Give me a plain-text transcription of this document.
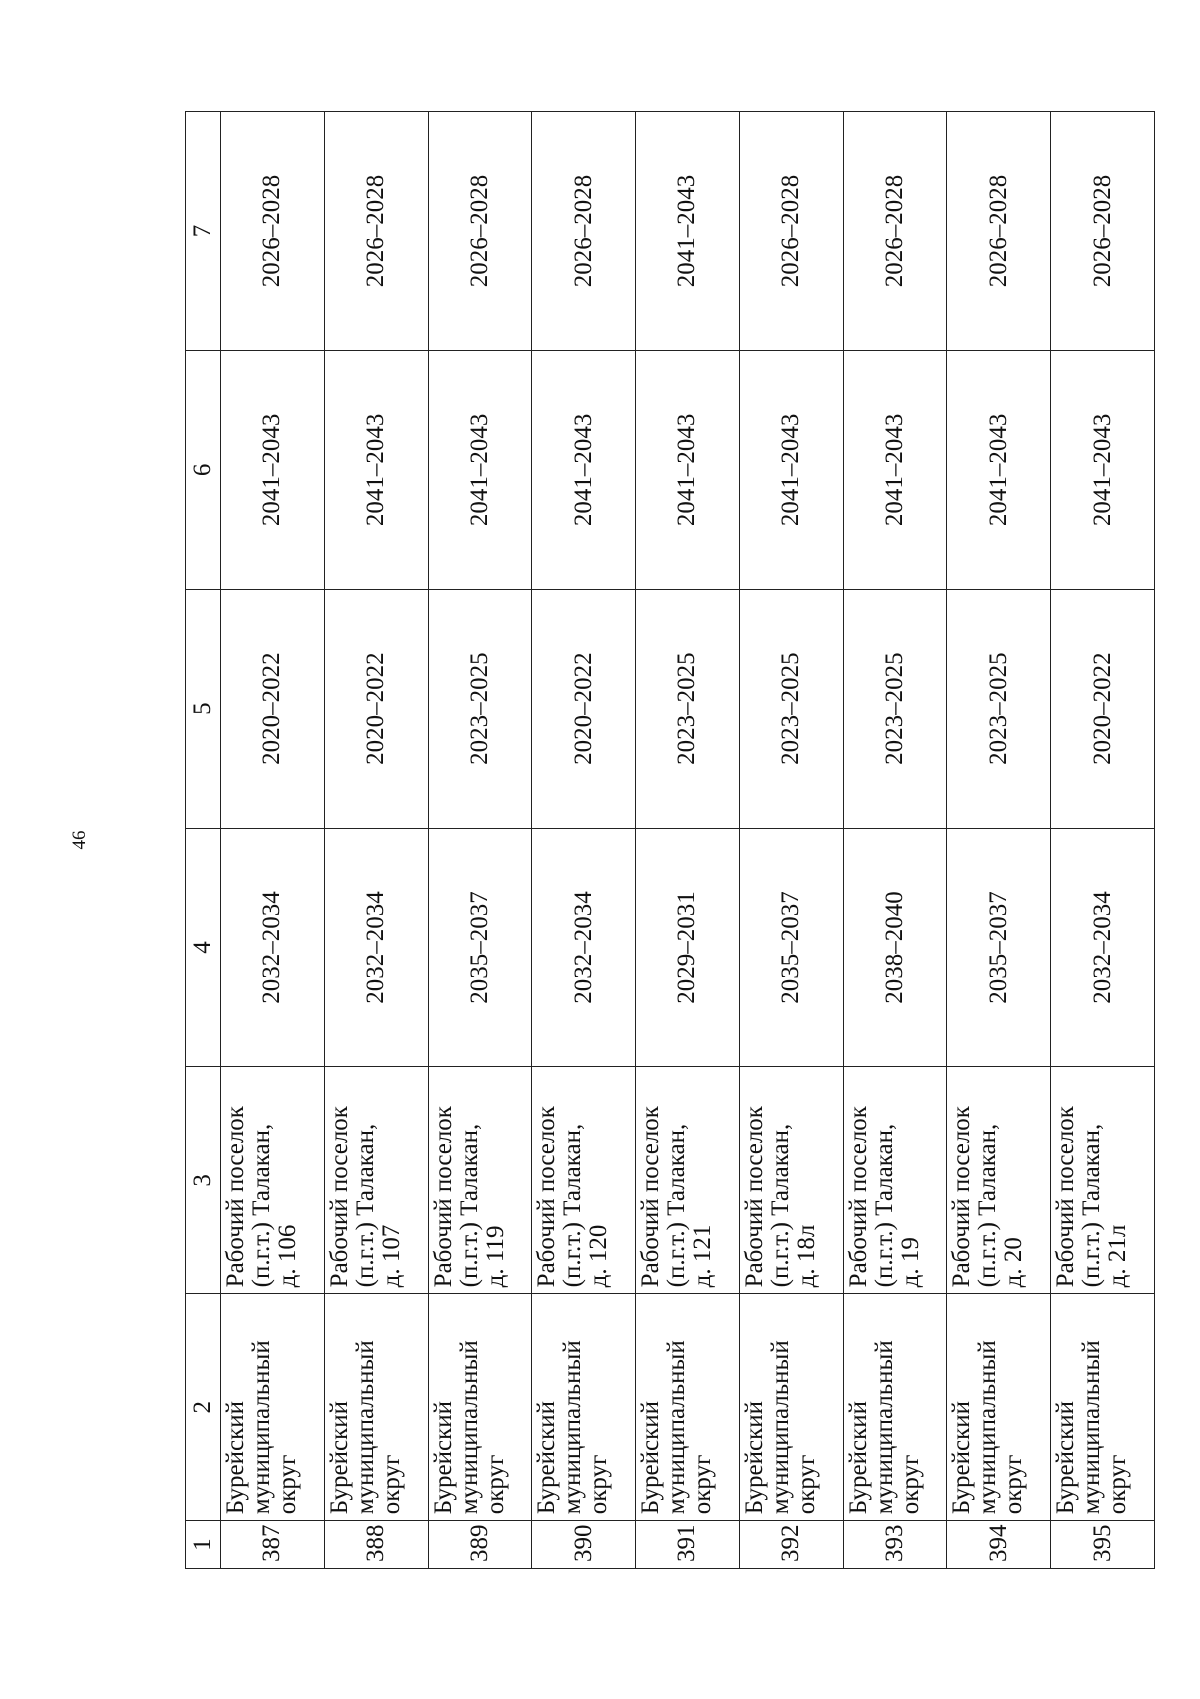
46
1	2	3	4	5	6	7
387	Бурейский муниципальный округ	Рабочий поселок (п.г.т.) Талакан, д. 106	2032–2034	2020–2022	2041–2043	2026–2028
388	Бурейский муниципальный округ	Рабочий поселок (п.г.т.) Талакан, д. 107	2032–2034	2020–2022	2041–2043	2026–2028
389	Бурейский муниципальный округ	Рабочий поселок (п.г.т.) Талакан, д. 119	2035–2037	2023–2025	2041–2043	2026–2028
390	Бурейский муниципальный округ	Рабочий поселок (п.г.т.) Талакан, д. 120	2032–2034	2020–2022	2041–2043	2026–2028
391	Бурейский муниципальный округ	Рабочий поселок (п.г.т.) Талакан, д. 121	2029–2031	2023–2025	2041–2043	2041–2043
392	Бурейский муниципальный округ	Рабочий поселок (п.г.т.) Талакан, д. 18л	2035–2037	2023–2025	2041–2043	2026–2028
393	Бурейский муниципальный округ	Рабочий поселок (п.г.т.) Талакан, д. 19	2038–2040	2023–2025	2041–2043	2026–2028
394	Бурейский муниципальный округ	Рабочий поселок (п.г.т.) Талакан, д. 20	2035–2037	2023–2025	2041–2043	2026–2028
395	Бурейский муниципальный округ	Рабочий поселок (п.г.т.) Талакан, д. 21л	2032–2034	2020–2022	2041–2043	2026–2028
